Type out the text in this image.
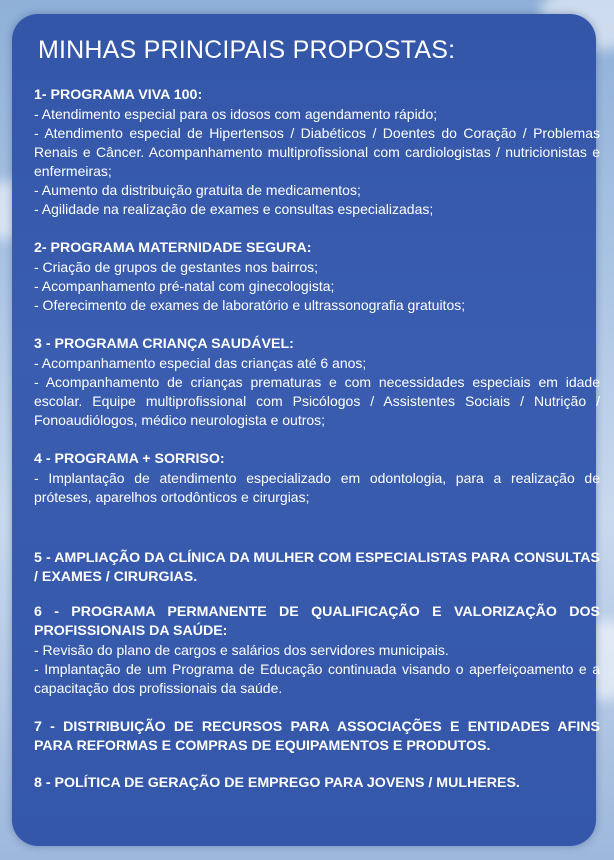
MINHAS PRINCIPAIS PROPOSTAS:

1- PROGRAMA VIVA 100:

- Atendimento especial para os idosos com agendamento rápido;

- Atendimento especial de Hipertensos / Diabéticos / Doentes do Coração / Problemas Renais e Câncer. Acompanhamento multiprofissional com cardiologistas / nutricionistas e enfermeiras;

- Aumento da distribuição gratuita de medicamentos;

- Agilidade na realização de exames e consultas especializadas;

2- PROGRAMA MATERNIDADE SEGURA:

- Criação de grupos de gestantes nos bairros;

- Acompanhamento pré-natal com ginecologista;

- Oferecimento de exames de laboratório e ultrassonografia gratuitos;

3 - PROGRAMA CRIANÇA SAUDÁVEL:

- Acompanhamento especial das crianças até 6 anos;

- Acompanhamento de crianças prematuras e com necessidades especiais em idade escolar. Equipe multiprofissional com Psicólogos / Assistentes Sociais / Nutrição / Fonoaudiólogos, médico neurologista e outros;

4 - PROGRAMA + SORRISO:

- Implantação de atendimento especializado em odontologia, para a realização de próteses, aparelhos ortodônticos e cirurgias;

5 - AMPLIAÇÃO DA CLÍNICA DA MULHER COM ESPECIALISTAS PARA CONSULTAS / EXAMES / CIRURGIAS.

6 - PROGRAMA PERMANENTE DE QUALIFICAÇÃO E VALORIZAÇÃO DOS PROFISSIONAIS DA SAÚDE:

- Revisão do plano de cargos e salários dos servidores municipais.

- Implantação de um Programa de Educação continuada visando o aperfeiçoamento e a capacitação dos profissionais da saúde.

7 - DISTRIBUIÇÃO DE RECURSOS PARA ASSOCIAÇÕES E ENTIDADES AFINS PARA REFORMAS E COMPRAS DE EQUIPAMENTOS E PRODUTOS.

8 - POLÍTICA DE GERAÇÃO DE EMPREGO PARA JOVENS / MULHERES.
